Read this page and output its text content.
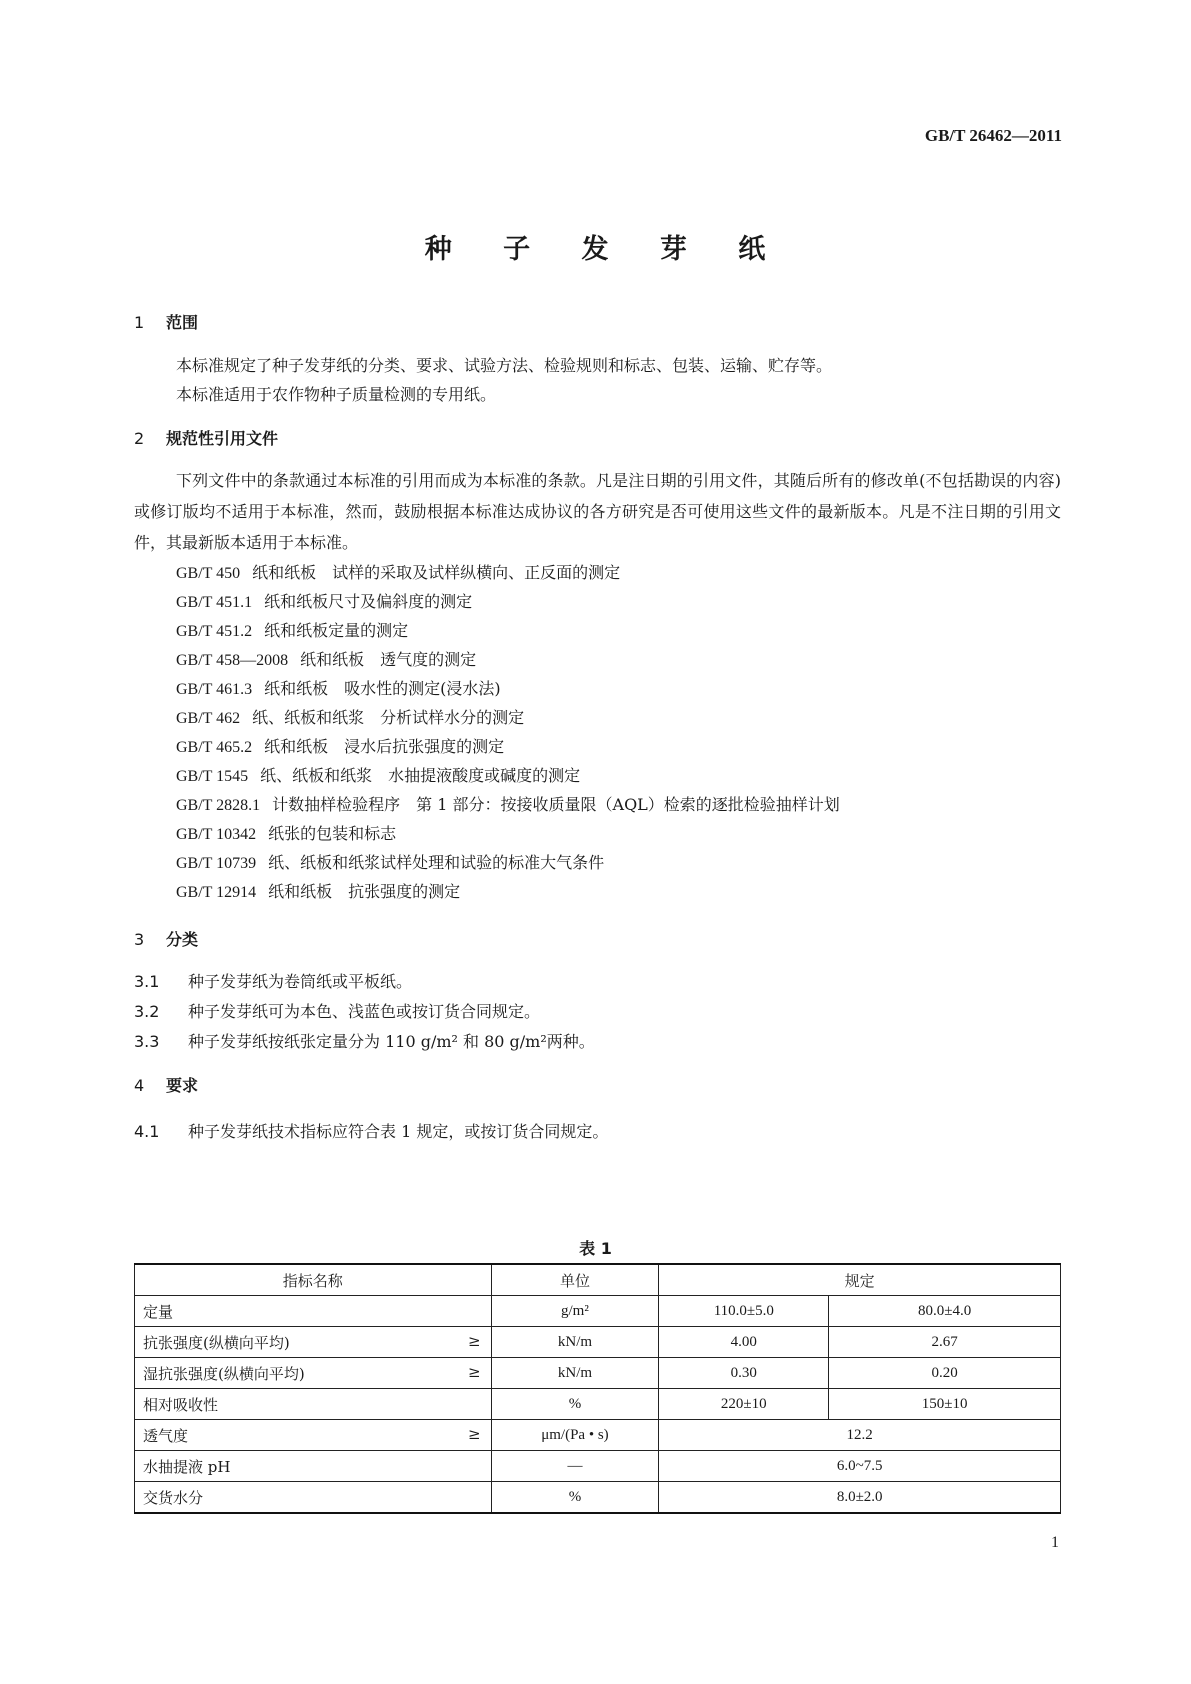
GB/T 26462—2011
种 子 发 芽 纸
1 范围
本标准规定了种子发芽纸的分类、要求、试验方法、检验规则和标志、包装、运输、贮存等。
本标准适用于农作物种子质量检测的专用纸。
2 规范性引用文件
下列文件中的条款通过本标准的引用而成为本标准的条款。凡是注日期的引用文件，其随后所有的修改单(不包括勘误的内容)或修订版均不适用于本标准，然而，鼓励根据本标准达成协议的各方研究是否可使用这些文件的最新版本。凡是不注日期的引用文件，其最新版本适用于本标准。
GB/T 450 纸和纸板　试样的采取及试样纵横向、正反面的测定
GB/T 451.1 纸和纸板尺寸及偏斜度的测定
GB/T 451.2 纸和纸板定量的测定
GB/T 458—2008 纸和纸板　透气度的测定
GB/T 461.3 纸和纸板　吸水性的测定(浸水法)
GB/T 462 纸、纸板和纸浆　分析试样水分的测定
GB/T 465.2 纸和纸板　浸水后抗张强度的测定
GB/T 1545 纸、纸板和纸浆　水抽提液酸度或碱度的测定
GB/T 2828.1 计数抽样检验程序　第 1 部分：按接收质量限（AQL）检索的逐批检验抽样计划
GB/T 10342 纸张的包装和标志
GB/T 10739 纸、纸板和纸浆试样处理和试验的标准大气条件
GB/T 12914 纸和纸板　抗张强度的测定
3 分类
3.1 种子发芽纸为卷筒纸或平板纸。
3.2 种子发芽纸可为本色、浅蓝色或按订货合同规定。
3.3 种子发芽纸按纸张定量分为 110 g/m² 和 80 g/m²两种。
4 要求
4.1 种子发芽纸技术指标应符合表 1 规定，或按订货合同规定。
表 1
指标名称	单位	规定	
定量	g/m²	110.0±5.0	80.0±4.0
抗张强度(纵横向平均) ≥	kN/m	4.00	2.67
湿抗张强度(纵横向平均) ≥	kN/m	0.30	0.20
相对吸收性	%	220±10	150±10
透气度 ≥	μm/(Pa • s)	12.2	
水抽提液 pH	—	6.0~7.5	
交货水分	%	8.0±2.0	
1
